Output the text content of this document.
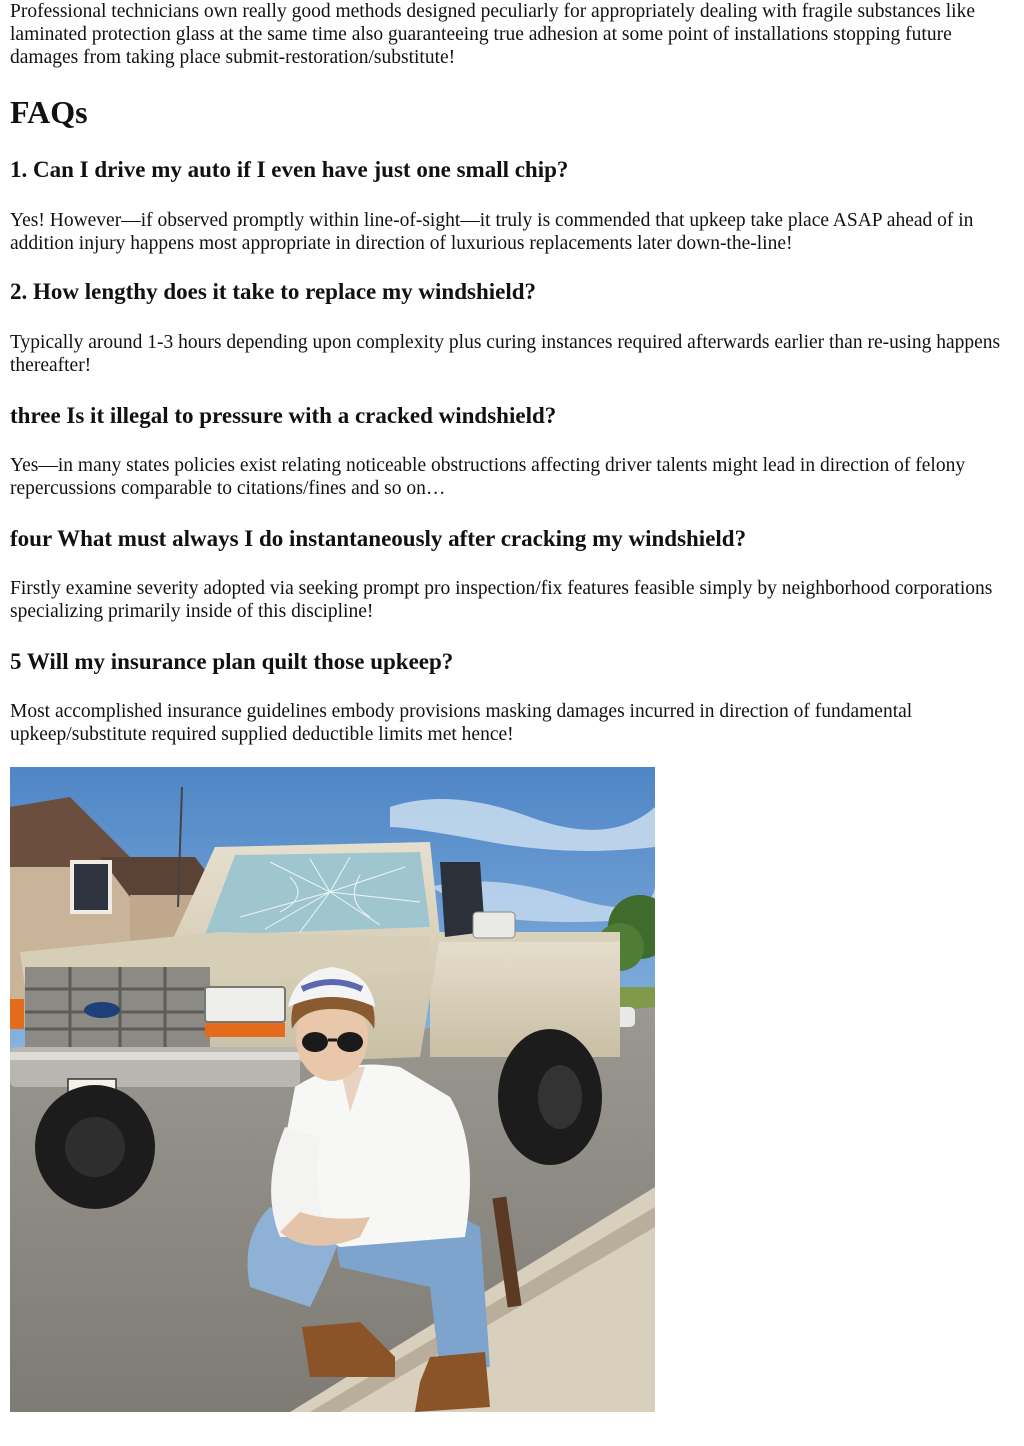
Professional technicians own really good methods designed peculiarly for appropriately dealing with fragile substances like laminated protection glass at the same time also guaranteeing true adhesion at some point of installations stopping future damages from taking place submit-restoration/substitute!

FAQs
1. Can I drive my auto if I even have just one small chip?

Yes! However—if observed promptly within line-of-sight—it truly is commended that upkeep take place ASAP ahead of in addition injury happens most appropriate in direction of luxurious replacements later down-the-line!

2. How lengthy does it take to replace my windshield?

Typically around 1-3 hours depending upon complexity plus curing instances required afterwards earlier than re-using happens thereafter!

three Is it illegal to pressure with a cracked windshield?

Yes—in many states policies exist relating noticeable obstructions affecting driver talents might lead in direction of felony repercussions comparable to citations/fines and so on…

four What must always I do instantaneously after cracking my windshield?

Firstly examine severity adopted via seeking prompt pro inspection/fix features feasible simply by neighborhood corporations specializing primarily inside of this discipline!

5 Will my insurance plan quilt those upkeep?

Most accomplished insurance guidelines embody provisions masking damages incurred in direction of fundamental upkeep/substitute required supplied deductible limits met hence!
